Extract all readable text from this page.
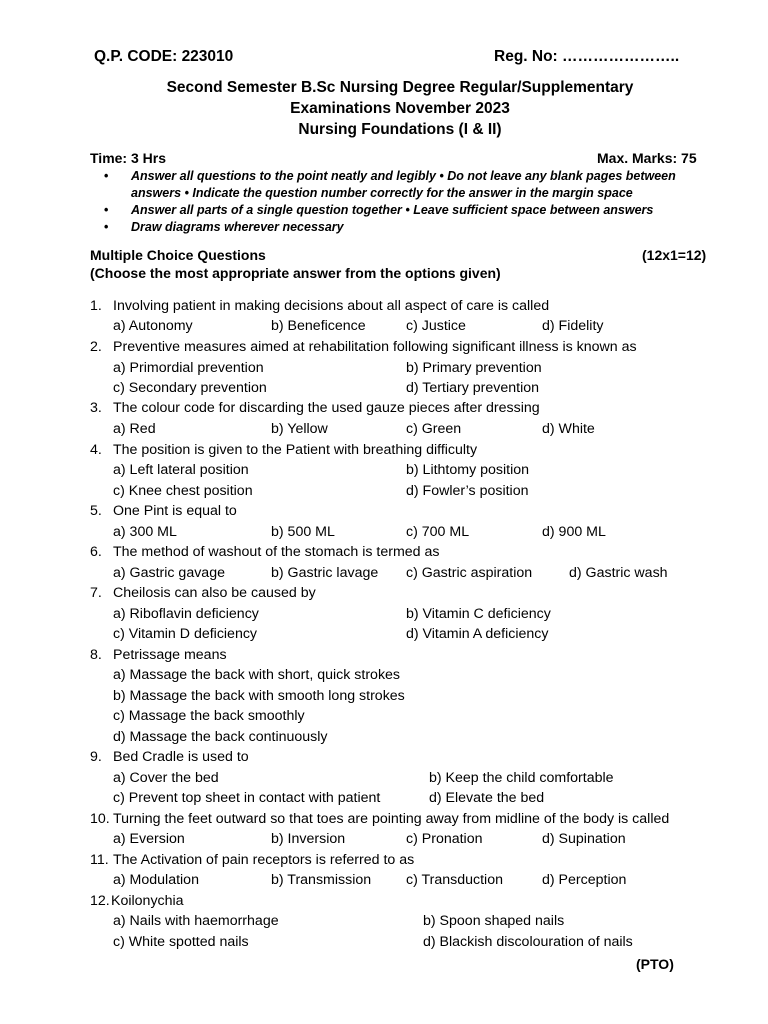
Q.P. CODE: 223010	Reg. No: …………………..
Second Semester B.Sc Nursing Degree Regular/Supplementary
Examinations November 2023
Nursing Foundations (I & II)
Time: 3 Hrs	Max. Marks: 75
• Answer all questions to the point neatly and legibly • Do not leave any blank pages between
answers • Indicate the question number correctly for the answer in the margin space
• Answer all parts of a single question together • Leave sufficient space between answers
• Draw diagrams wherever necessary
Multiple Choice Questions	(12x1=12)
(Choose the most appropriate answer from the options given)
1. Involving patient in making decisions about all aspect of care is called
a) Autonomy	b) Beneficence	c) Justice	d) Fidelity
2. Preventive measures aimed at rehabilitation following significant illness is known as
a) Primordial prevention	b) Primary prevention
c) Secondary prevention	d) Tertiary prevention
3. The colour code for discarding the used gauze pieces after dressing
a) Red	b) Yellow	c) Green	d) White
4. The position is given to the Patient with breathing difficulty
a) Left lateral position	b) Lithtomy position
c) Knee chest position	d) Fowler’s position
5. One Pint is equal to
a) 300 ML	b) 500 ML	c) 700 ML	d) 900 ML
6. The method of washout of the stomach is termed as
a) Gastric gavage	b) Gastric lavage c) Gastric aspiration	d) Gastric wash
7. Cheilosis can also be caused by
a) Riboflavin deficiency	b) Vitamin C deficiency
c) Vitamin D deficiency	d) Vitamin A deficiency
8. Petrissage means
a) Massage the back with short, quick strokes
b) Massage the back with smooth long strokes
c) Massage the back smoothly
d) Massage the back continuously
9. Bed Cradle is used to
a) Cover the bed	b) Keep the child comfortable
c) Prevent top sheet in contact with patient	d) Elevate the bed
10. Turning the feet outward so that toes are pointing away from midline of the body is called
a) Eversion	b) Inversion	c) Pronation	d) Supination
11. The Activation of pain receptors is referred to as
a) Modulation	b) Transmission c) Transduction	d) Perception
12. Koilonychia
a) Nails with haemorrhage	b) Spoon shaped nails
c) White spotted nails	d) Blackish discolouration of nails
(PTO)
